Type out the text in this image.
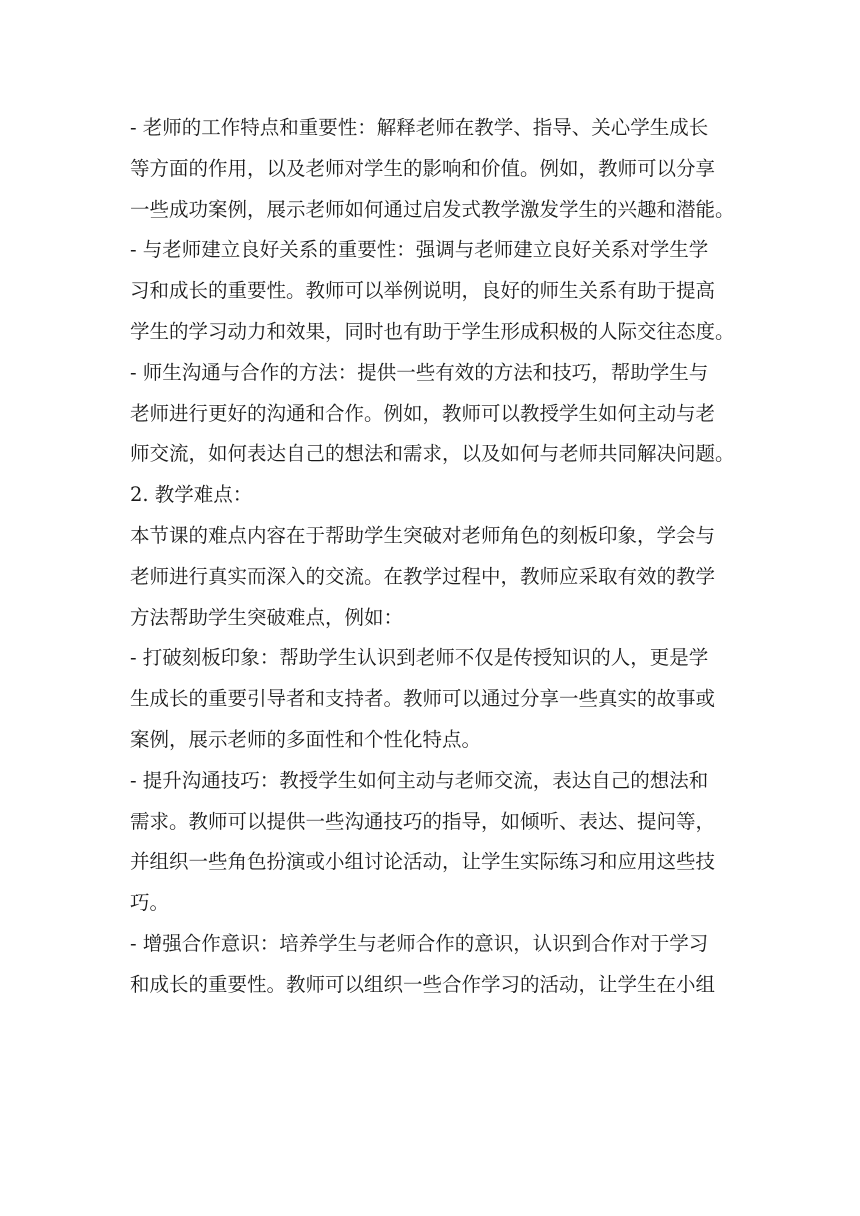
- 老师的工作特点和重要性：解释老师在教学、指导、关心学生成长
等方面的作用，以及老师对学生的影响和价值。例如，教师可以分享
一些成功案例，展示老师如何通过启发式教学激发学生的兴趣和潜能。
- 与老师建立良好关系的重要性：强调与老师建立良好关系对学生学
习和成长的重要性。教师可以举例说明，良好的师生关系有助于提高
学生的学习动力和效果，同时也有助于学生形成积极的人际交往态度。
- 师生沟通与合作的方法：提供一些有效的方法和技巧，帮助学生与
老师进行更好的沟通和合作。例如，教师可以教授学生如何主动与老
师交流，如何表达自己的想法和需求，以及如何与老师共同解决问题。
2. 教学难点：
本节课的难点内容在于帮助学生突破对老师角色的刻板印象，学会与
老师进行真实而深入的交流。在教学过程中，教师应采取有效的教学
方法帮助学生突破难点，例如：
- 打破刻板印象：帮助学生认识到老师不仅是传授知识的人，更是学
生成长的重要引导者和支持者。教师可以通过分享一些真实的故事或
案例，展示老师的多面性和个性化特点。
- 提升沟通技巧：教授学生如何主动与老师交流，表达自己的想法和
需求。教师可以提供一些沟通技巧的指导，如倾听、表达、提问等，
并组织一些角色扮演或小组讨论活动，让学生实际练习和应用这些技
巧。
- 增强合作意识：培养学生与老师合作的意识，认识到合作对于学习
和成长的重要性。教师可以组织一些合作学习的活动，让学生在小组
